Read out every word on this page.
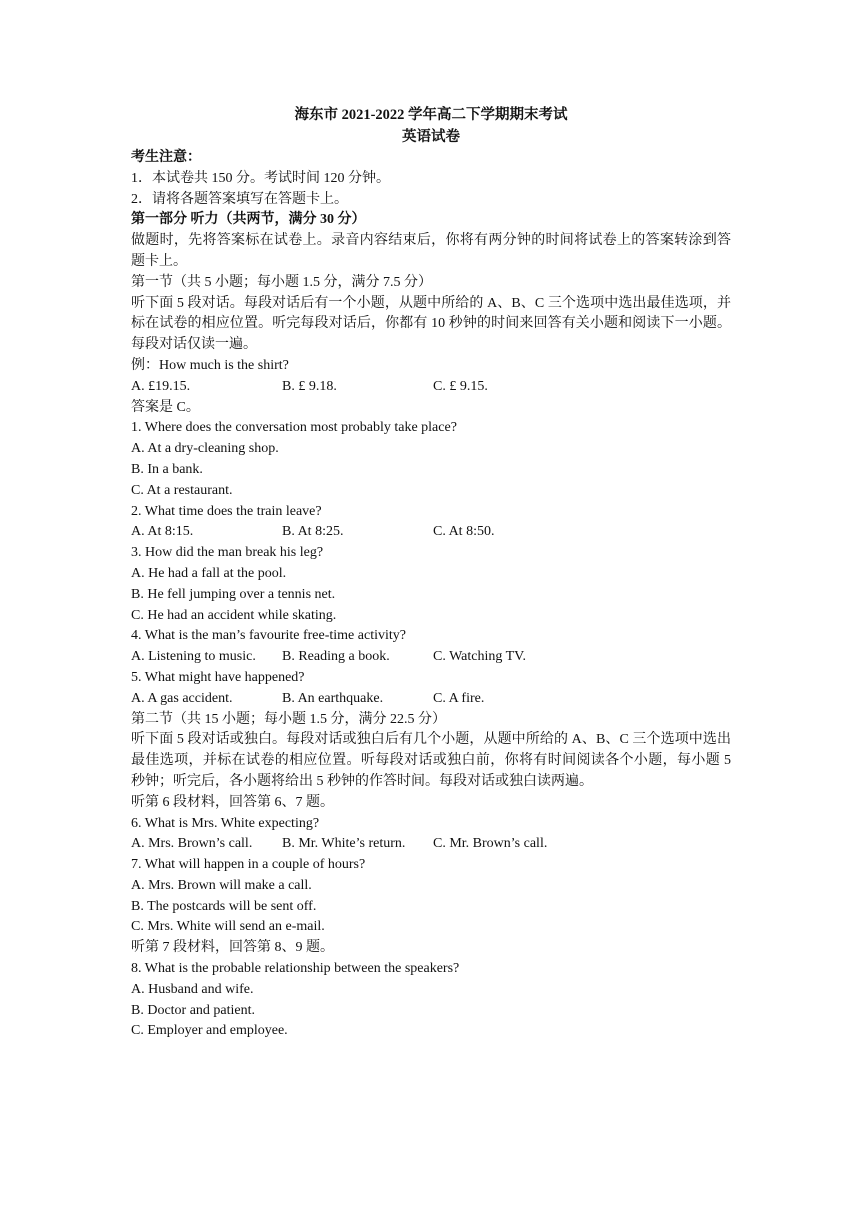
海东市 2021-2022 学年高二下学期期末考试
英语试卷
考生注意：
1．本试卷共 150 分。考试时间 120 分钟。
2．请将各题答案填写在答题卡上。
第一部分 听力（共两节，满分 30 分）
做题时，先将答案标在试卷上。录音内容结束后，你将有两分钟的时间将试卷上的答案转涂到答题卡上。
第一节（共 5 小题；每小题 1.5 分，满分 7.5 分）
听下面 5 段对话。每段对话后有一个小题，从题中所给的 A、B、C 三个选项中选出最佳选项，并标在试卷的相应位置。听完每段对话后，你都有 10 秒钟的时间来回答有关小题和阅读下一小题。每段对话仅读一遍。
例：How much is the shirt?
A. £19.15.	B. £ 9.18.	C. £ 9.15.
答案是 C。
1. Where does the conversation most probably take place?
A. At a dry-cleaning shop.
B. In a bank.
C. At a restaurant.
2. What time does the train leave?
A. At 8:15.	B. At 8:25.	C. At 8:50.
3. How did the man break his leg?
A. He had a fall at the pool.
B. He fell jumping over a tennis net.
C. He had an accident while skating.
4. What is the man’s favourite free-time activity?
A. Listening to music.	B. Reading a book.	C. Watching TV.
5. What might have happened?
A. A gas accident.	B. An earthquake.	C. A fire.
第二节（共 15 小题；每小题 1.5 分，满分 22.5 分）
听下面 5 段对话或独白。每段对话或独白后有几个小题，从题中所给的 A、B、C 三个选项中选出最佳选项，并标在试卷的相应位置。听每段对话或独白前，你将有时间阅读各个小题，每小题 5 秒钟；听完后，各小题将给出 5 秒钟的作答时间。每段对话或独白读两遍。
听第 6 段材料，回答第 6、7 题。
6. What is Mrs. White expecting?
A. Mrs. Brown’s call.	B. Mr. White’s return.	C. Mr. Brown’s call.
7. What will happen in a couple of hours?
A. Mrs. Brown will make a call.
B. The postcards will be sent off.
C. Mrs. White will send an e-mail.
听第 7 段材料，回答第 8、9 题。
8. What is the probable relationship between the speakers?
A. Husband and wife.
B. Doctor and patient.
C. Employer and employee.
